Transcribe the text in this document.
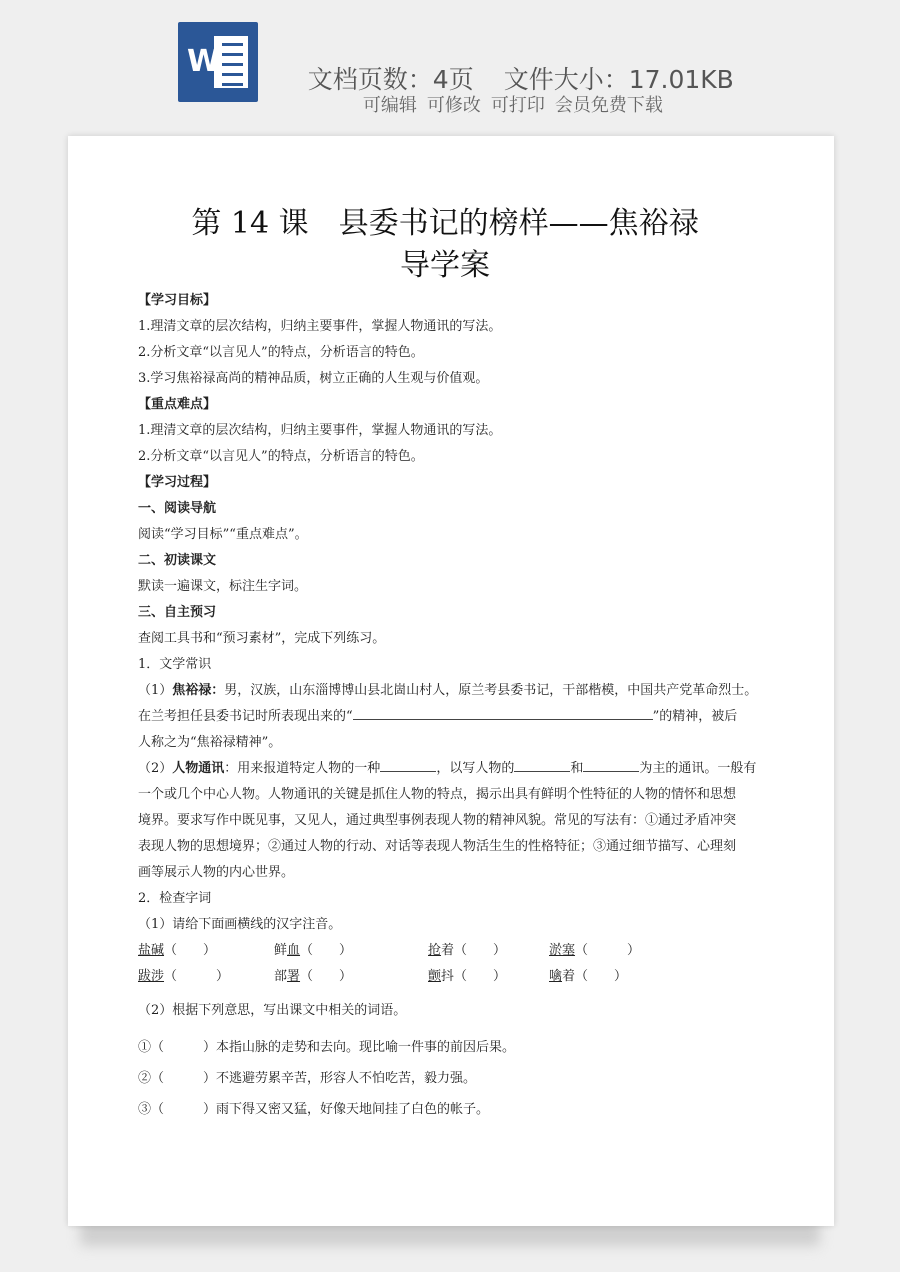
W

文档页数：4页 文件大小：17.01KB

可编辑 可修改 可打印 会员免费下载

第 14 课　县委书记的榜样——焦裕禄
导学案
【学习目标】
1.理清文章的层次结构，归纳主要事件，掌握人物通讯的写法。
2.分析文章“以言见人”的特点，分析语言的特色。
3.学习焦裕禄高尚的精神品质，树立正确的人生观与价值观。
【重点难点】
1.理清文章的层次结构，归纳主要事件，掌握人物通讯的写法。
2.分析文章“以言见人”的特点，分析语言的特色。
【学习过程】
一、阅读导航
阅读“学习目标”“重点难点”。
二、初读课文
默读一遍课文，标注生字词。
三、自主预习
查阅工具书和“预习素材”，完成下列练习。
1．文学常识
（1）焦裕禄：男，汉族，山东淄博博山县北崮山村人，原兰考县委书记，干部楷模，中国共产党革命烈士。
在兰考担任县委书记时所表现出来的“	”的精神，被后
人称之为“焦裕禄精神”。
（2）人物通讯：用来报道特定人物的一种	，以写人物的	和	为主的通讯。一般有
一个或几个中心人物。人物通讯的关键是抓住人物的特点，揭示出具有鲜明个性特征的人物的情怀和思想
境界。要求写作中既见事，又见人，通过典型事例表现人物的精神风貌。常见的写法有：①通过矛盾冲突
表现人物的思想境界；②通过人物的行动、对话等表现人物活生生的性格特征；③通过细节描写、心理刻
画等展示人物的内心世界。
2．检查字词
（1）请给下面画横线的汉字注音。
盐碱（　　）	鲜血（　　）	抢着（　　）	淤塞（　　　）
跋涉（　　　）	部署（　　）	颤抖（　　）	噙着（　　）
（2）根据下列意思，写出课文中相关的词语。
①（　　　）本指山脉的走势和去向。现比喻一件事的前因后果。
②（　　　）不逃避劳累辛苦，形容人不怕吃苦，毅力强。
③（　　　）雨下得又密又猛，好像天地间挂了白色的帐子。
